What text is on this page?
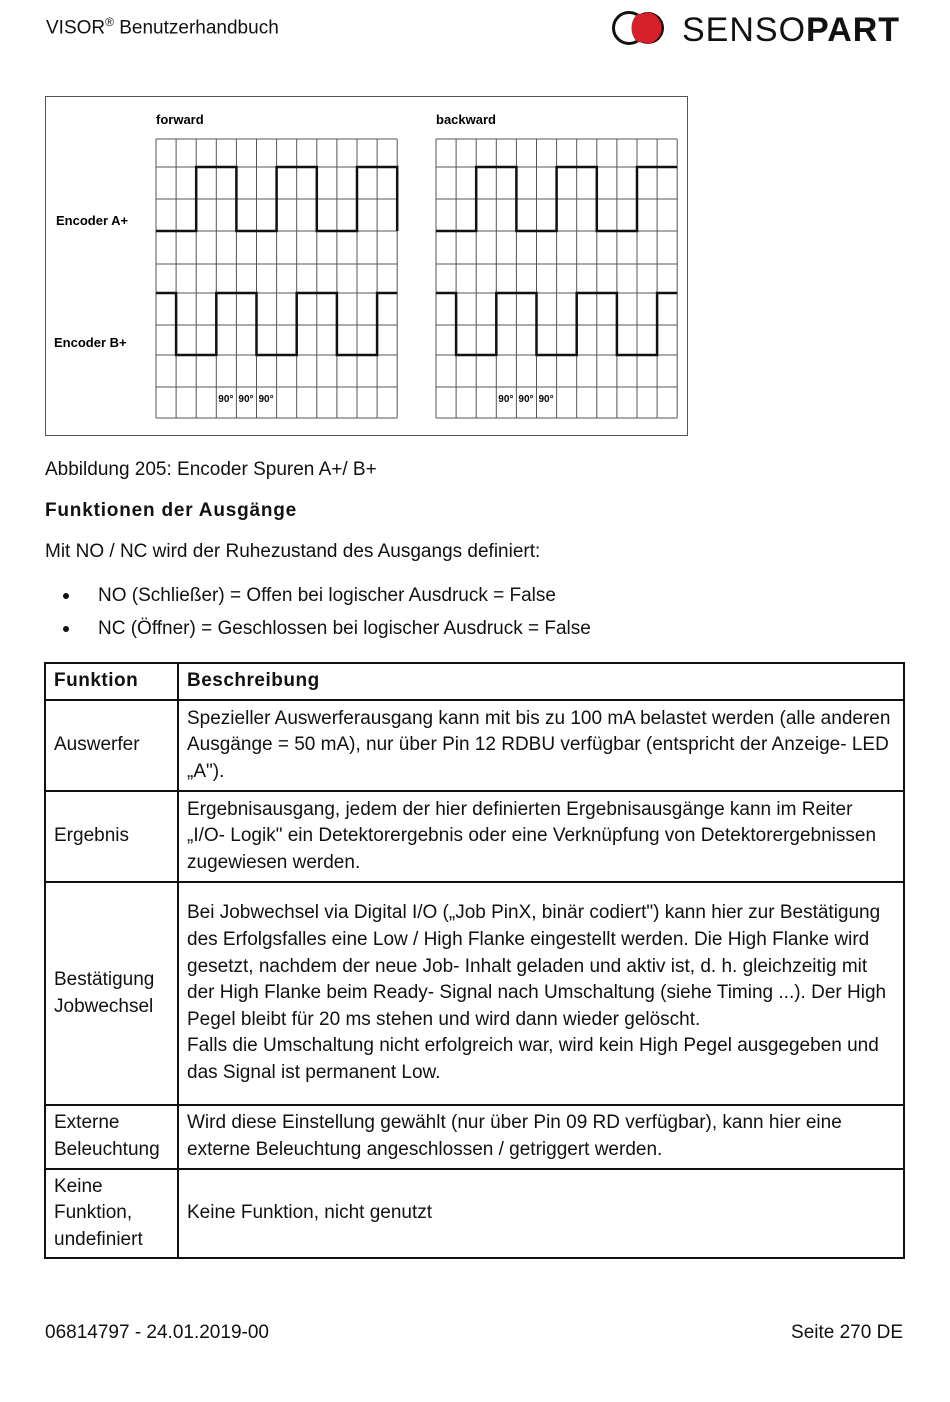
VISOR® Benutzerhandbuch	SENSOPART
forward
90° 90° 90°
backward
90° 90° 90°
Encoder A+
Encoder B+
Abbildung 205: Encoder Spuren A+/ B+
Funktionen der Ausgänge
Mit NO / NC wird der Ruhezustand des Ausgangs definiert:
NO (Schließer) = Offen bei logischer Ausdruck = False
NC (Öffner) = Geschlossen bei logischer Ausdruck = False
Funktion	Beschreibung
Auswerfer	Spezieller Auswerferausgang kann mit bis zu 100 mA belastet werden (alle anderen Ausgänge = 50 mA), nur über Pin 12 RDBU verfügbar (entspricht der Anzeige- LED „A").
Ergebnis	Ergebnisausgang, jedem der hier definierten Ergebnisausgänge kann im Reiter „I/O- Logik" ein Detektorergebnis oder eine Verknüpfung von Detektorergebnissen zugewiesen werden.
Bestätigung Jobwechsel	Bei Jobwechsel via Digital I/O („Job PinX, binär codiert") kann hier zur Bestätigung des Erfolgsfalles eine Low / High Flanke eingestellt werden. Die High Flanke wird gesetzt, nachdem der neue Job- Inhalt geladen und aktiv ist, d. h. gleichzeitig mit der High Flanke beim Ready- Signal nach Umschaltung (siehe Timing ...). Der High Pegel bleibt für 20 ms stehen und wird dann wieder gelöscht.
Falls die Umschaltung nicht erfolgreich war, wird kein High Pegel ausgegeben und das Signal ist permanent Low.
Externe Beleuchtung	Wird diese Einstellung gewählt (nur über Pin 09 RD verfügbar), kann hier eine externe Beleuchtung angeschlossen / getriggert werden.
Keine Funktion, undefiniert	Keine Funktion, nicht genutzt
06814797 - 24.01.2019-00	Seite 270 DE
